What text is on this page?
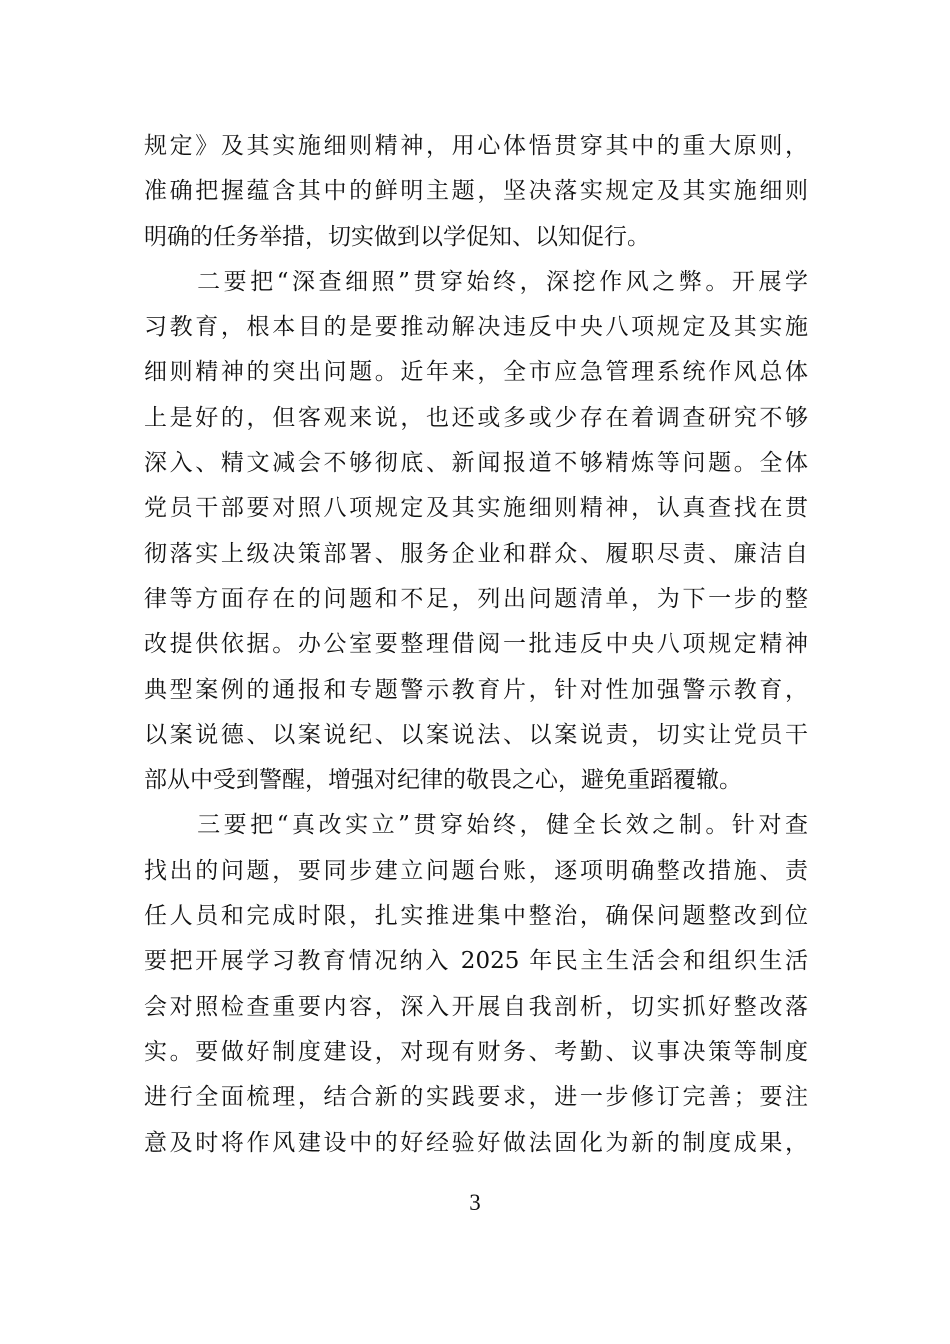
规定》及其实施细则精神，用心体悟贯穿其中的重大原则，
准确把握蕴含其中的鲜明主题，坚决落实规定及其实施细则
明确的任务举措，切实做到以学促知、以知促行。
　　二要把“深查细照”贯穿始终，深挖作风之弊。开展学
习教育，根本目的是要推动解决违反中央八项规定及其实施
细则精神的突出问题。近年来，全市应急管理系统作风总体
上是好的，但客观来说，也还或多或少存在着调查研究不够
深入、精文减会不够彻底、新闻报道不够精炼等问题。全体
党员干部要对照八项规定及其实施细则精神，认真查找在贯
彻落实上级决策部署、服务企业和群众、履职尽责、廉洁自
律等方面存在的问题和不足，列出问题清单，为下一步的整
改提供依据。办公室要整理借阅一批违反中央八项规定精神
典型案例的通报和专题警示教育片，针对性加强警示教育，
以案说德、以案说纪、以案说法、以案说责，切实让党员干
部从中受到警醒，增强对纪律的敬畏之心，避免重蹈覆辙。
　　三要把“真改实立”贯穿始终，健全长效之制。针对查
找出的问题，要同步建立问题台账，逐项明确整改措施、责
任人员和完成时限，扎实推进集中整治，确保问题整改到位
要把开展学习教育情况纳入 2025 年民主生活会和组织生活
会对照检查重要内容，深入开展自我剖析，切实抓好整改落
实。要做好制度建设，对现有财务、考勤、议事决策等制度
进行全面梳理，结合新的实践要求，进一步修订完善；要注
意及时将作风建设中的好经验好做法固化为新的制度成果，
3
